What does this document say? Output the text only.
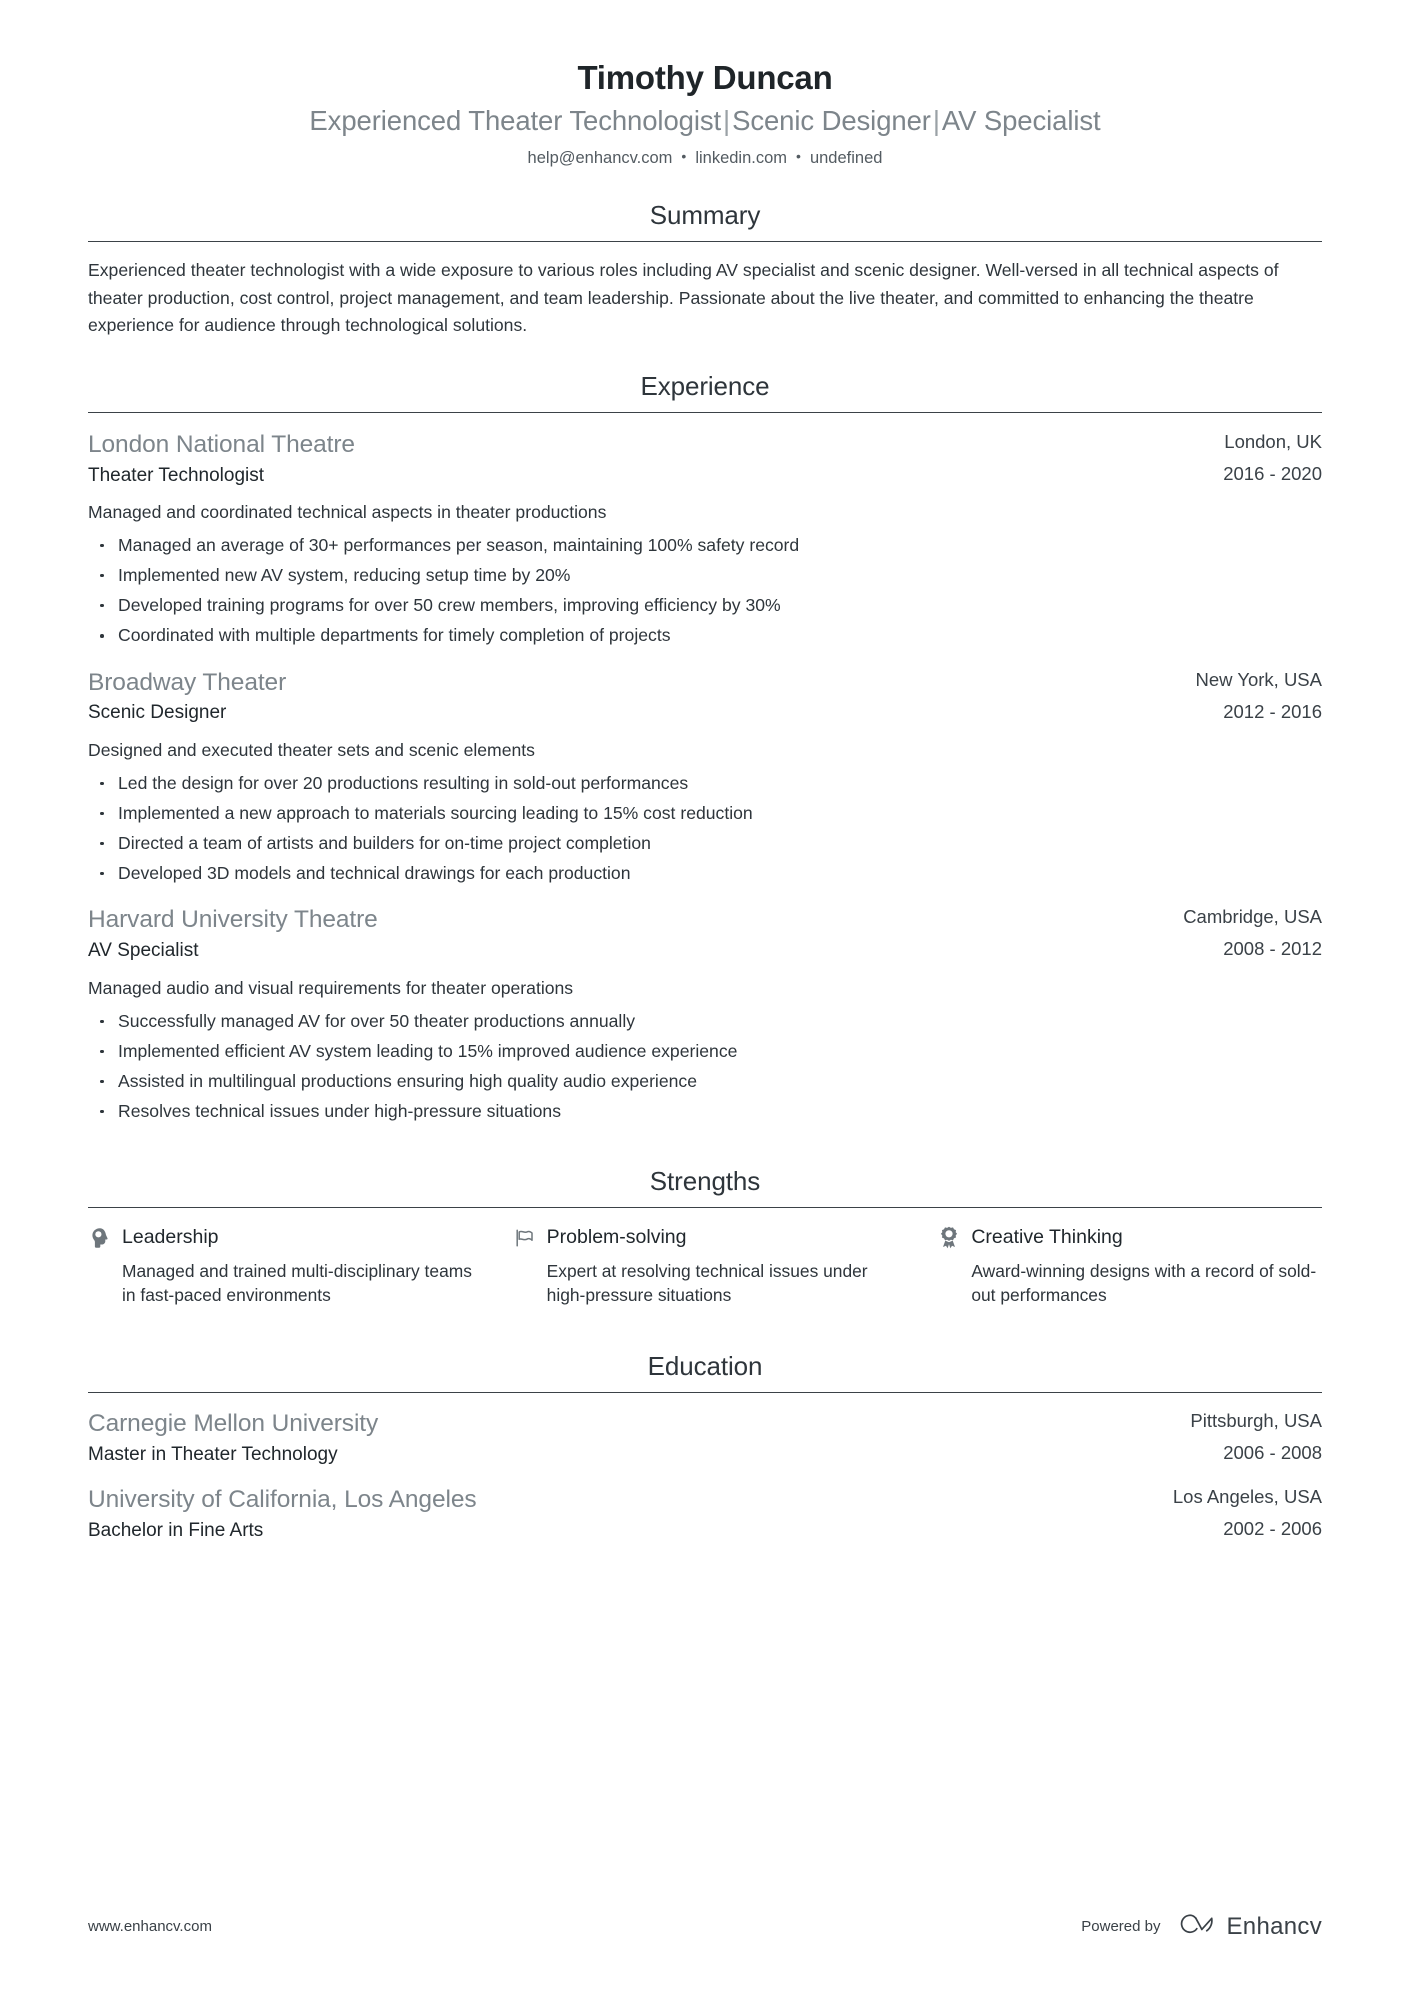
Timothy Duncan
Experienced Theater Technologist|Scenic Designer|AV Specialist
help@enhancv.com • linkedin.com • undefined
Summary
Experienced theater technologist with a wide exposure to various roles including AV specialist and scenic designer. Well-versed in all technical aspects of theater production, cost control, project management, and team leadership. Passionate about the live theater, and committed to enhancing the theatre experience for audience through technological solutions.
Experience
London National Theatre
Theater Technologist
London, UK
2016 - 2020
Managed and coordinated technical aspects in theater productions
Managed an average of 30+ performances per season, maintaining 100% safety record
Implemented new AV system, reducing setup time by 20%
Developed training programs for over 50 crew members, improving efficiency by 30%
Coordinated with multiple departments for timely completion of projects
Broadway Theater
Scenic Designer
New York, USA
2012 - 2016
Designed and executed theater sets and scenic elements
Led the design for over 20 productions resulting in sold-out performances
Implemented a new approach to materials sourcing leading to 15% cost reduction
Directed a team of artists and builders for on-time project completion
Developed 3D models and technical drawings for each production
Harvard University Theatre
AV Specialist
Cambridge, USA
2008 - 2012
Managed audio and visual requirements for theater operations
Successfully managed AV for over 50 theater productions annually
Implemented efficient AV system leading to 15% improved audience experience
Assisted in multilingual productions ensuring high quality audio experience
Resolves technical issues under high-pressure situations
Strengths
Leadership
Managed and trained multi-disciplinary teams in fast-paced environments
Problem-solving
Expert at resolving technical issues under high-pressure situations
Creative Thinking
Award-winning designs with a record of sold-out performances
Education
Carnegie Mellon University
Master in Theater Technology
Pittsburgh, USA
2006 - 2008
University of California, Los Angeles
Bachelor in Fine Arts
Los Angeles, USA
2002 - 2006
www.enhancv.com	Powered by	Enhancv
